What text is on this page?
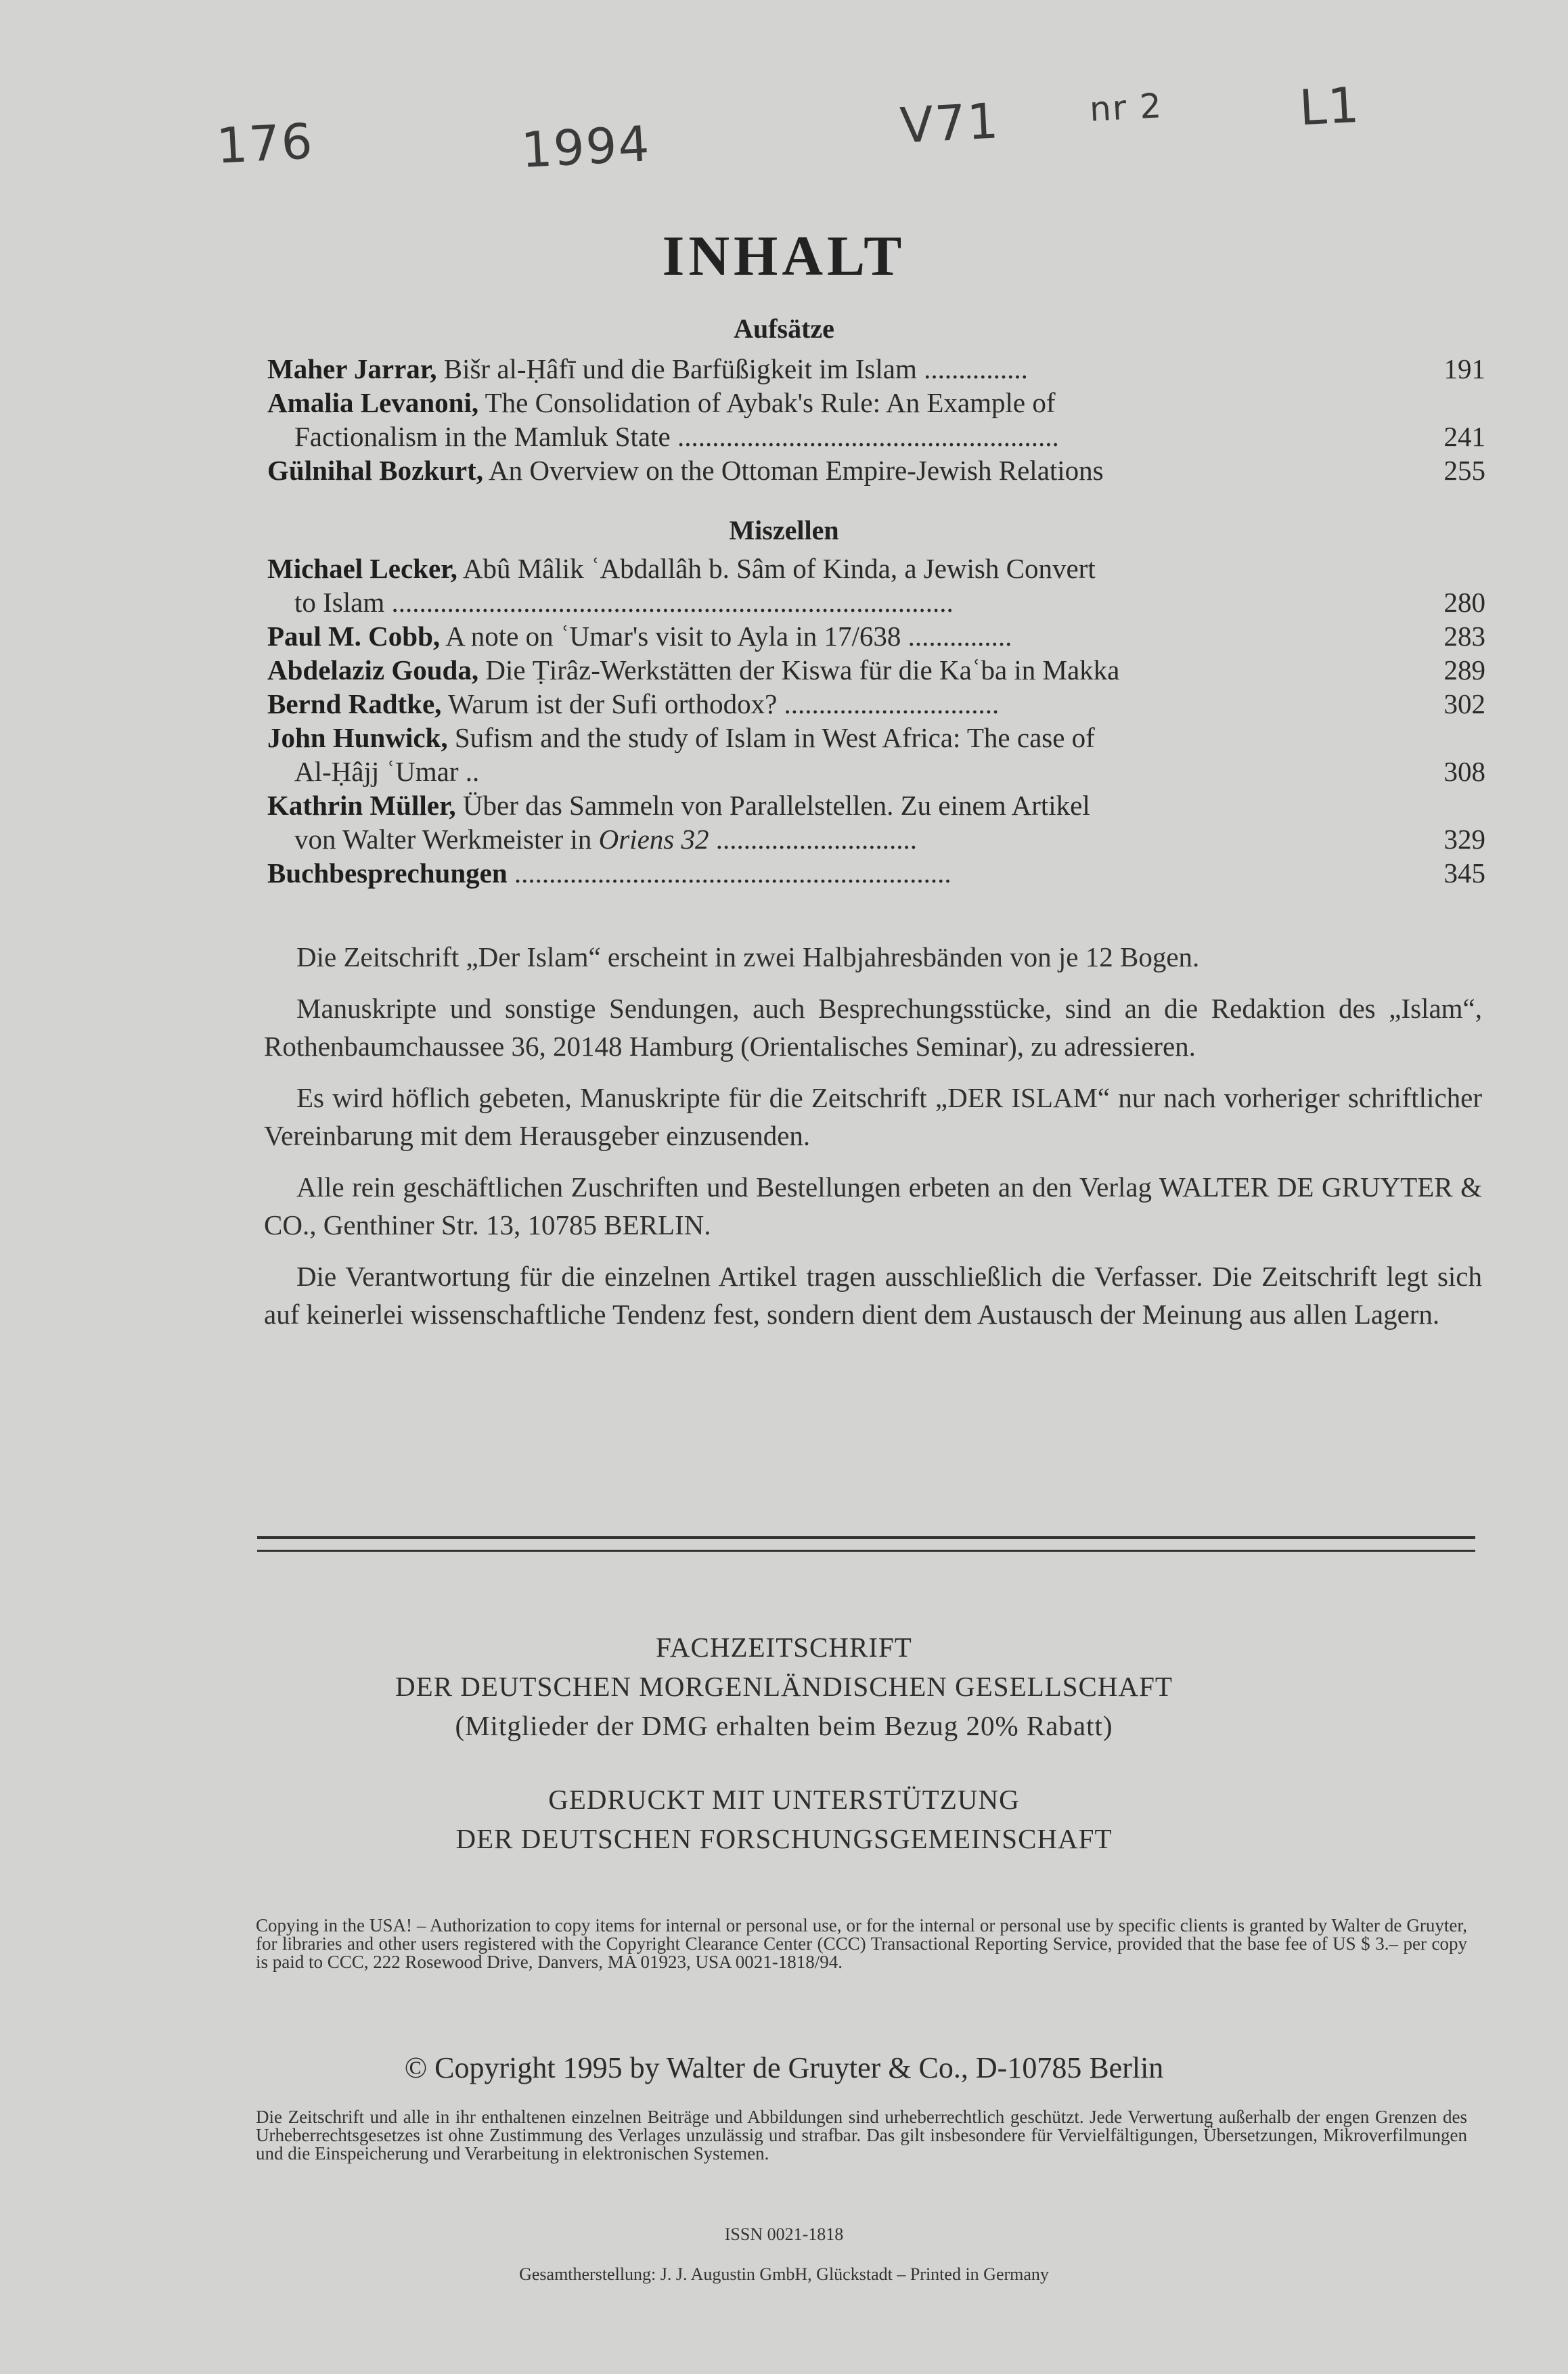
176	1994	V71	nr 2	L1
INHALT
Aufsätze
Maher Jarrar, Bišr al-Ḥâfī und die Barfüßigkeit im Islam ...............	191
Amalia Levanoni, The Consolidation of Aybak's Rule: An Example of
Factionalism in the Mamluk State .......................................................	241
Gülnihal Bozkurt, An Overview on the Ottoman Empire-Jewish Relations	255
Miszellen
Michael Lecker, Abû Mâlik ʿAbdallâh b. Sâm of Kinda, a Jewish Convert
to Islam .................................................................................	280
Paul M. Cobb, A note on ʿUmar's visit to Ayla in 17/638 ...............	283
Abdelaziz Gouda, Die Ṭirâz-Werkstätten der Kiswa für die Kaʿba in Makka	289
Bernd Radtke, Warum ist der Sufi orthodox? ...............................	302
John Hunwick, Sufism and the study of Islam in West Africa: The case of
Al-Ḥâjj ʿUmar ..	308
Kathrin Müller, Über das Sammeln von Parallelstellen. Zu einem Artikel
von Walter Werkmeister in Oriens 32 .............................	329
Buchbesprechungen ...............................................................	345

Die Zeitschrift „Der Islam“ erscheint in zwei Halbjahresbänden von je 12 Bogen.

Manuskripte und sonstige Sendungen, auch Besprechungsstücke, sind an die Redaktion des „Islam“, Rothenbaumchaussee 36, 20148 Hamburg (Orientalisches Seminar), zu adressieren.

Es wird höflich gebeten, Manuskripte für die Zeitschrift „DER ISLAM“ nur nach vorheriger schriftlicher Vereinbarung mit dem Herausgeber einzusenden.

Alle rein geschäftlichen Zuschriften und Bestellungen erbeten an den Verlag WALTER DE GRUYTER & CO., Genthiner Str. 13, 10785 BERLIN.

Die Verantwortung für die einzelnen Artikel tragen ausschließlich die Verfasser. Die Zeitschrift legt sich auf keinerlei wissenschaftliche Tendenz fest, sondern dient dem Austausch der Meinung aus allen Lagern.

FACHZEITSCHRIFT
DER DEUTSCHEN MORGENLÄNDISCHEN GESELLSCHAFT
(Mitglieder der DMG erhalten beim Bezug 20% Rabatt)
GEDRUCKT MIT UNTERSTÜTZUNG
DER DEUTSCHEN FORSCHUNGSGEMEINSCHAFT
Copying in the USA! – Authorization to copy items for internal or personal use, or for the internal or personal use by specific clients is granted by Walter de Gruyter, for libraries and other users registered with the Copyright Clearance Center (CCC) Transactional Reporting Service, provided that the base fee of US $ 3.– per copy is paid to CCC, 222 Rosewood Drive, Danvers, MA 01923, USA 0021-1818/94.
© Copyright 1995 by Walter de Gruyter & Co., D-10785 Berlin
Die Zeitschrift und alle in ihr enthaltenen einzelnen Beiträge und Abbildungen sind urheberrechtlich geschützt. Jede Verwertung außerhalb der engen Grenzen des Urheberrechtsgesetzes ist ohne Zustimmung des Verlages unzulässig und strafbar. Das gilt insbesondere für Vervielfältigungen, Übersetzungen, Mikroverfilmungen und die Einspeicherung und Verarbeitung in elektronischen Systemen.
ISSN 0021-1818
Gesamtherstellung: J. J. Augustin GmbH, Glückstadt – Printed in Germany
